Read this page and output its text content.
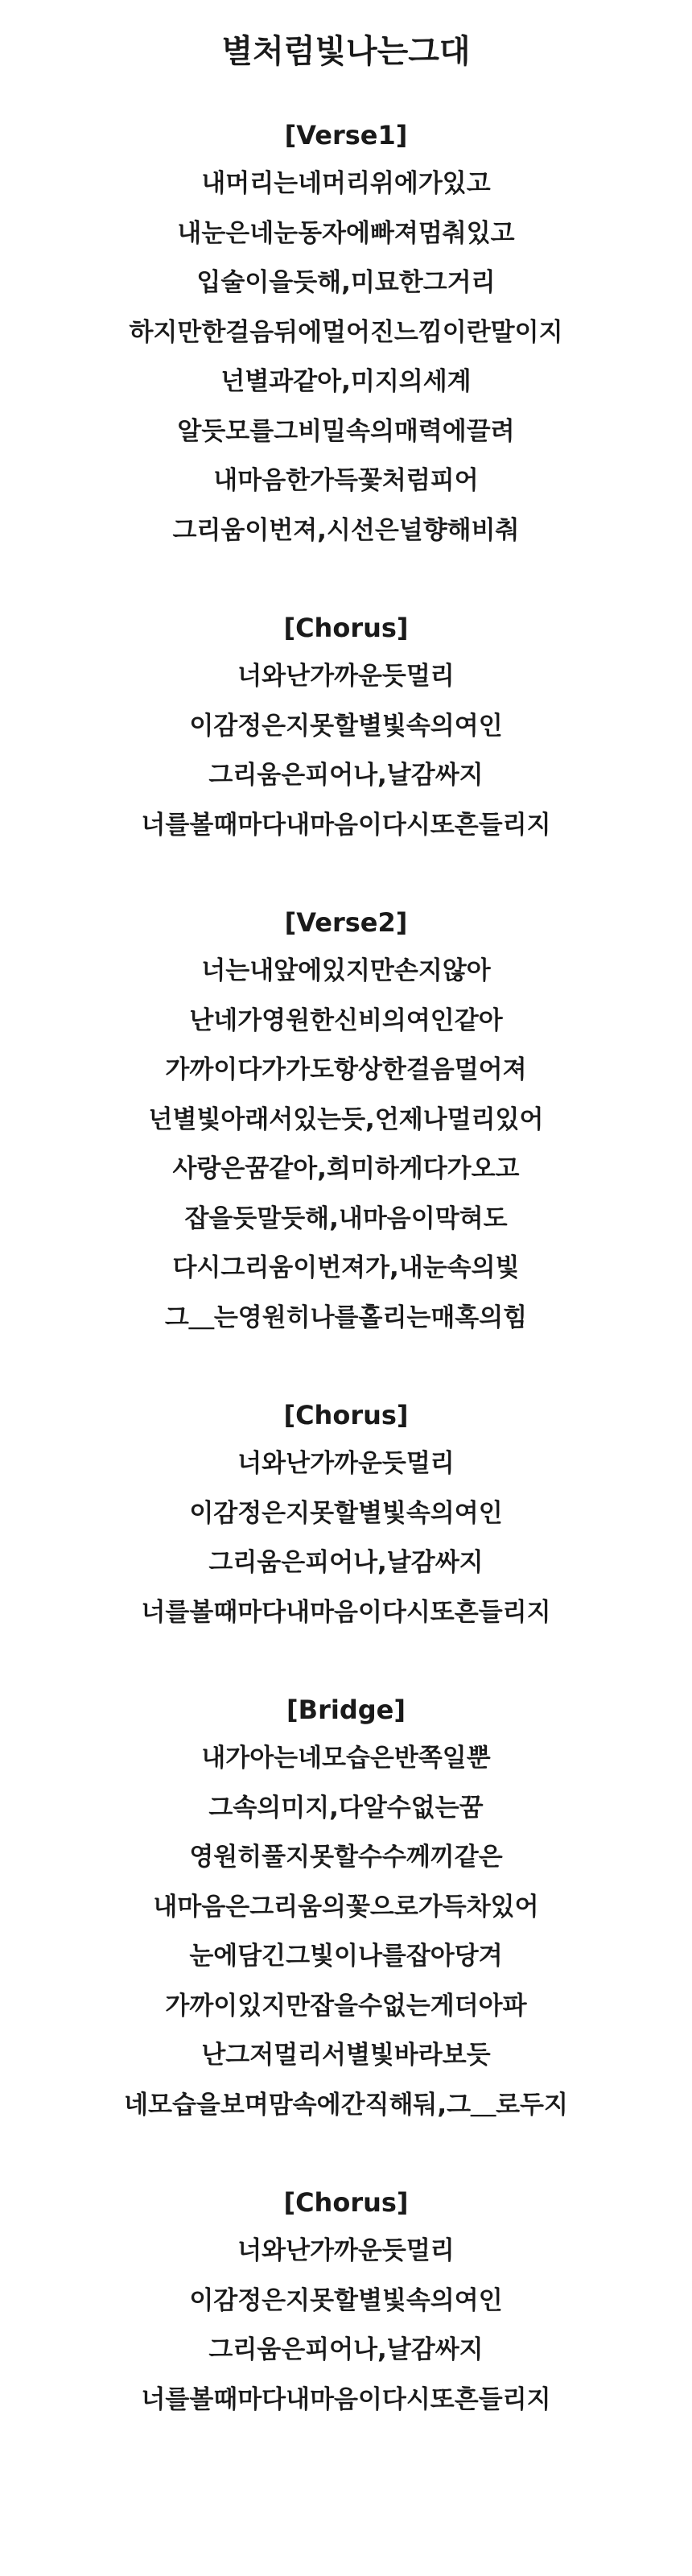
별처럼빛나는그대
[Verse1]
내머리는네머리위에가있고
내눈은네눈동자에빠져멈춰있고
입술이을듯해,미묘한그거리
하지만한걸음뒤에멀어진느낌이란말이지
넌별과같아,미지의세계
알듯모를그비밀속의매력에끌려
내마음한가득꽃처럼피어
그리움이번져,시선은널향해비춰
[Chorus]
너와난가까운듯멀리
이감정은지못할별빛속의여인
그리움은피어나,날감싸지
너를볼때마다내마음이다시또흔들리지
[Verse2]
너는내앞에있지만손지않아
난네가영원한신비의여인같아
가까이다가가도항상한걸음멀어져
넌별빛아래서있는듯,언제나멀리있어
사랑은꿈같아,희미하게다가오고
잡을듯말듯해,내마음이막혀도
다시그리움이번져가,내눈속의빛
그＿는영원히나를홀리는매혹의힘
[Chorus]
너와난가까운듯멀리
이감정은지못할별빛속의여인
그리움은피어나,날감싸지
너를볼때마다내마음이다시또흔들리지
[Bridge]
내가아는네모습은반쪽일뿐
그속의미지,다알수없는꿈
영원히풀지못할수수께끼같은
내마음은그리움의꽃으로가득차있어
눈에담긴그빛이나를잡아당겨
가까이있지만잡을수없는게더아파
난그저멀리서별빛바라보듯
네모습을보며맘속에간직해둬,그＿로두지
[Chorus]
너와난가까운듯멀리
이감정은지못할별빛속의여인
그리움은피어나,날감싸지
너를볼때마다내마음이다시또흔들리지
